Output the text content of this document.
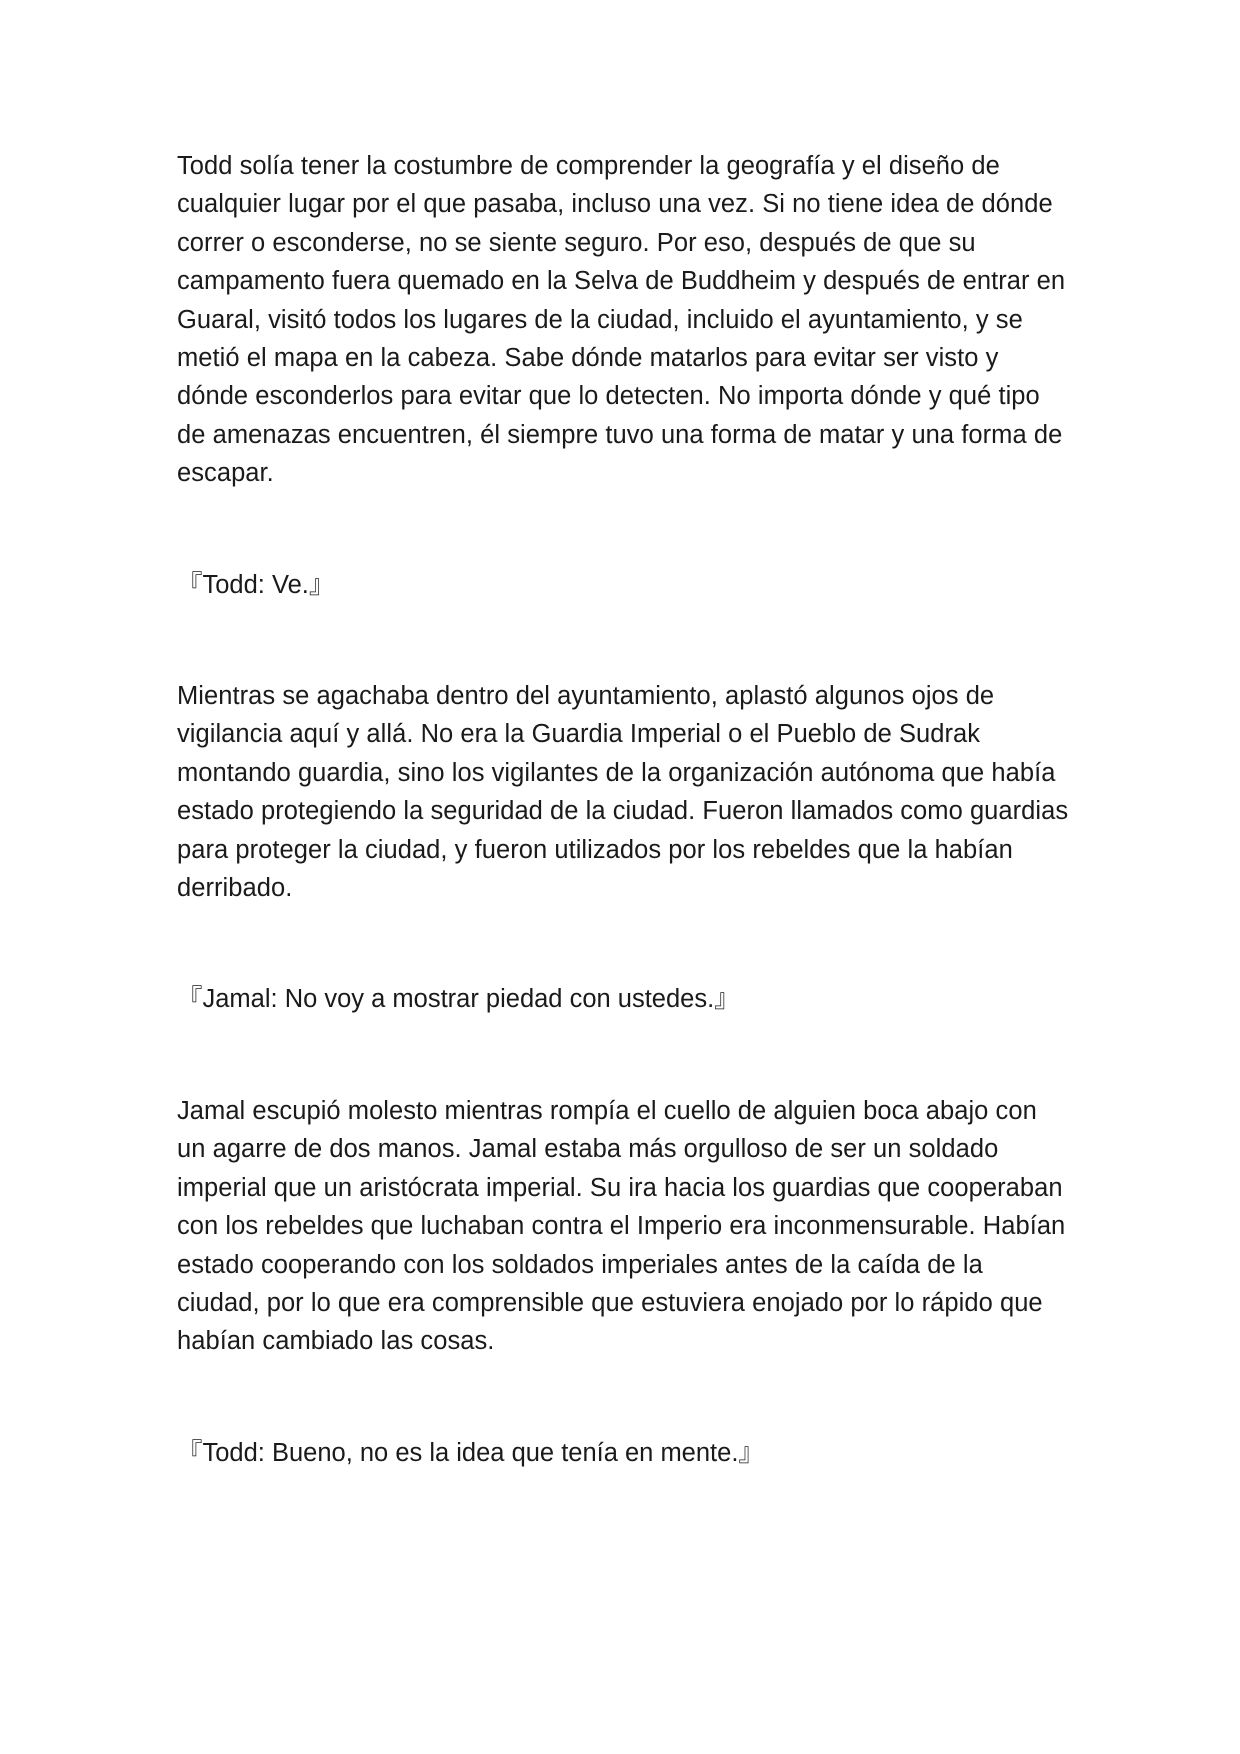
Todd solía tener la costumbre de comprender la geografía y el diseño de cualquier lugar por el que pasaba, incluso una vez. Si no tiene idea de dónde correr o esconderse, no se siente seguro. Por eso, después de que su campamento fuera quemado en la Selva de Buddheim y después de entrar en Guaral, visitó todos los lugares de la ciudad, incluido el ayuntamiento, y se metió el mapa en la cabeza. Sabe dónde matarlos para evitar ser visto y dónde esconderlos para evitar que lo detecten. No importa dónde y qué tipo de amenazas encuentren, él siempre tuvo una forma de matar y una forma de escapar.

『Todd: Ve.』

Mientras se agachaba dentro del ayuntamiento, aplastó algunos ojos de vigilancia aquí y allá. No era la Guardia Imperial o el Pueblo de Sudrak montando guardia, sino los vigilantes de la organización autónoma que había estado protegiendo la seguridad de la ciudad. Fueron llamados como guardias para proteger la ciudad, y fueron utilizados por los rebeldes que la habían derribado.

『Jamal: No voy a mostrar piedad con ustedes.』

Jamal escupió molesto mientras rompía el cuello de alguien boca abajo con un agarre de dos manos. Jamal estaba más orgulloso de ser un soldado imperial que un aristócrata imperial. Su ira hacia los guardias que cooperaban con los rebeldes que luchaban contra el Imperio era inconmensurable. Habían estado cooperando con los soldados imperiales antes de la caída de la ciudad, por lo que era comprensible que estuviera enojado por lo rápido que habían cambiado las cosas.

『Todd: Bueno, no es la idea que tenía en mente.』
